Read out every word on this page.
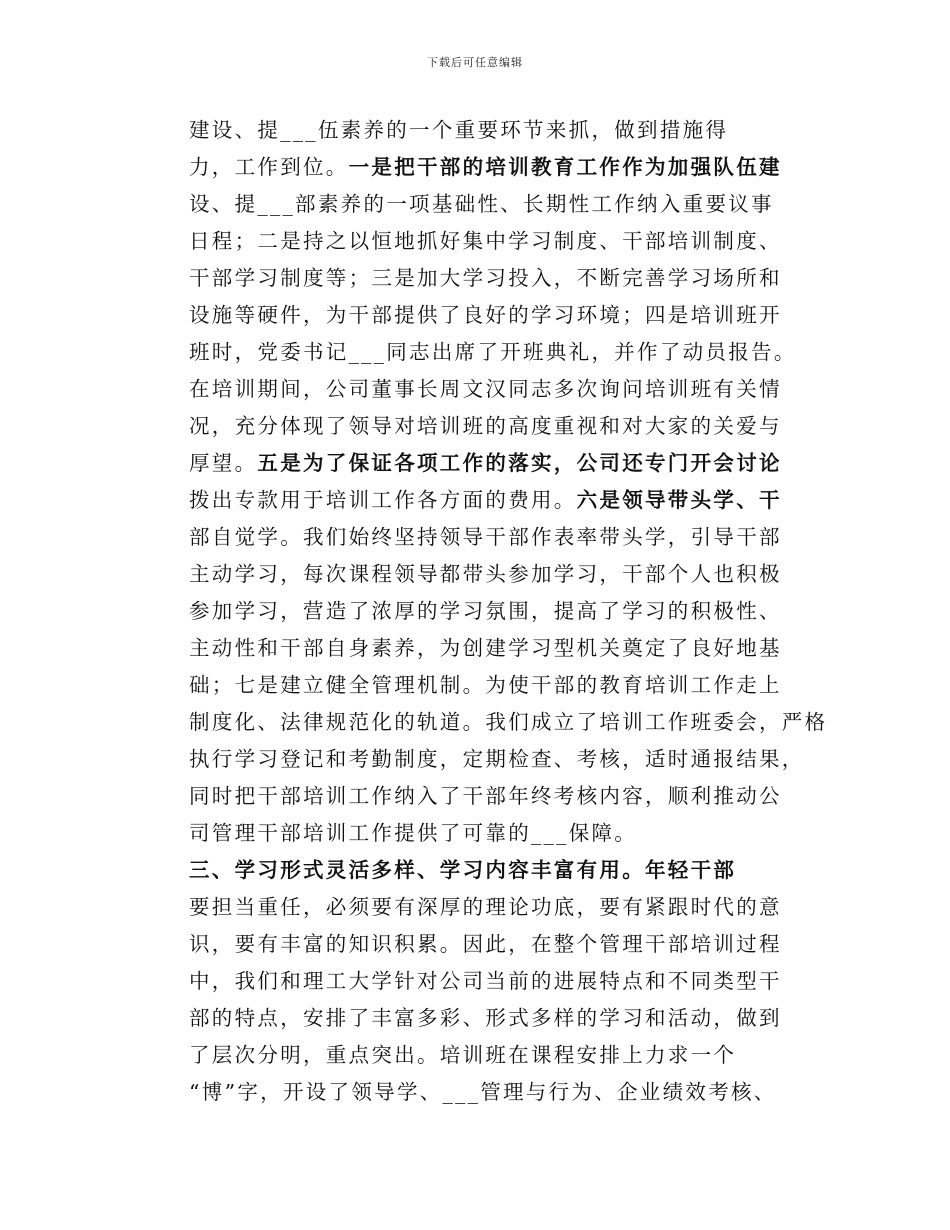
下载后可任意编辑
建设、提___伍素养的一个重要环节来抓，做到措施得
力，工作到位。一是把干部的培训教育工作作为加强队伍建
设、提___部素养的一项基础性、长期性工作纳入重要议事
日程；二是持之以恒地抓好集中学习制度、干部培训制度、
干部学习制度等；三是加大学习投入，不断完善学习场所和
设施等硬件，为干部提供了良好的学习环境；四是培训班开
班时，党委书记___同志出席了开班典礼，并作了动员报告。
在培训期间，公司董事长周文汉同志多次询问培训班有关情
况，充分体现了领导对培训班的高度重视和对大家的关爱与
厚望。五是为了保证各项工作的落实，公司还专门开会讨论
拨出专款用于培训工作各方面的费用。六是领导带头学、干
部自觉学。我们始终坚持领导干部作表率带头学，引导干部
主动学习，每次课程领导都带头参加学习，干部个人也积极
参加学习，营造了浓厚的学习氛围，提高了学习的积极性、
主动性和干部自身素养，为创建学习型机关奠定了良好地基
础；七是建立健全管理机制。为使干部的教育培训工作走上
制度化、法律规范化的轨道。我们成立了培训工作班委会，严格
执行学习登记和考勤制度，定期检查、考核，适时通报结果，
同时把干部培训工作纳入了干部年终考核内容，顺利推动公
司管理干部培训工作提供了可靠的___保障。
三、学习形式灵活多样、学习内容丰富有用。年轻干部
要担当重任，必须要有深厚的理论功底，要有紧跟时代的意
识，要有丰富的知识积累。因此，在整个管理干部培训过程
中，我们和理工大学针对公司当前的进展特点和不同类型干
部的特点，安排了丰富多彩、形式多样的学习和活动，做到
了层次分明，重点突出。培训班在课程安排上力求一个
“博”字，开设了领导学、___管理与行为、企业绩效考核、
